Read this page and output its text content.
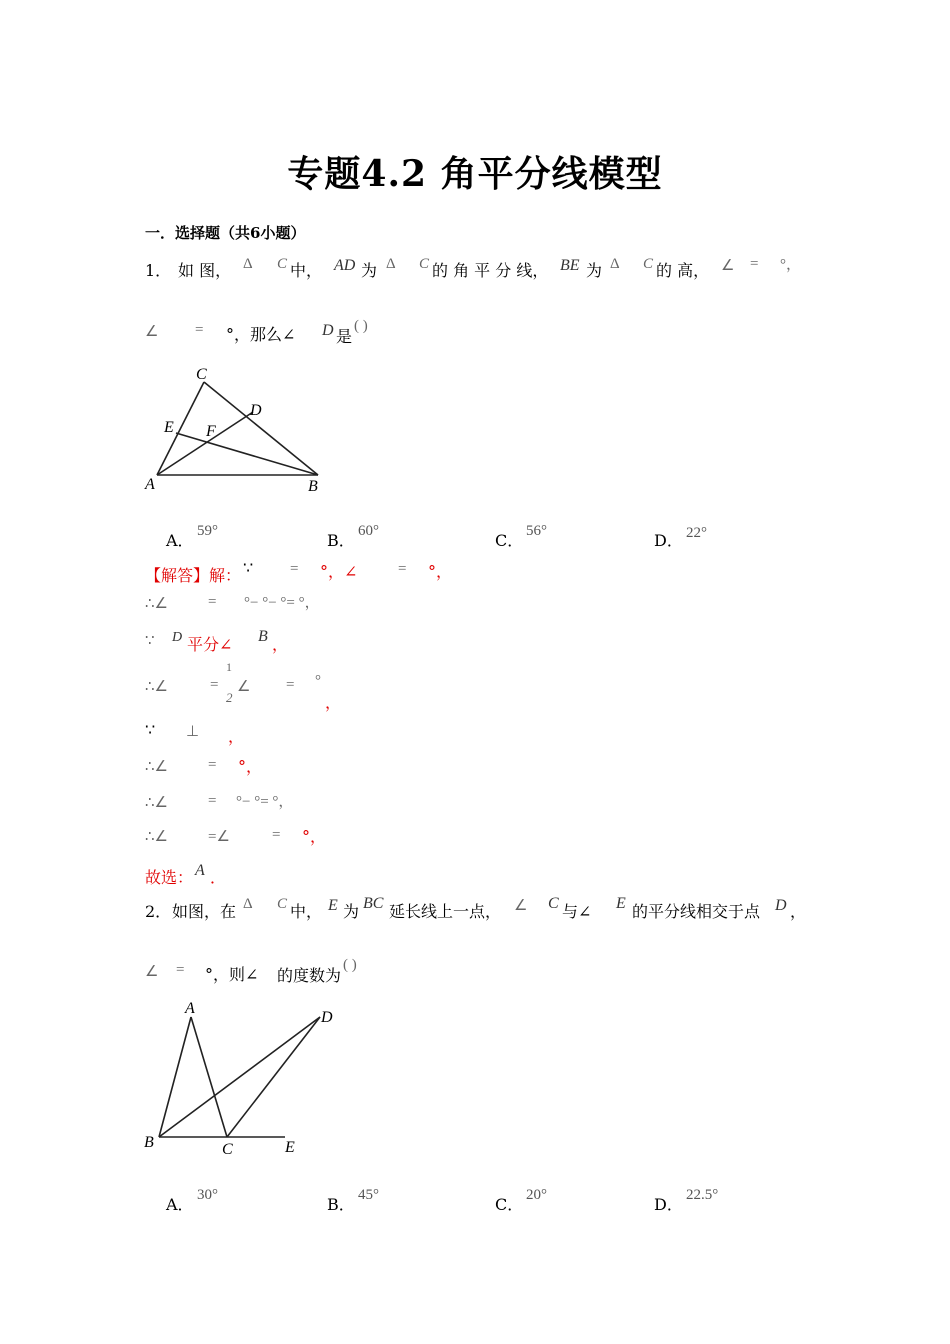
专题4.2 角平分线模型
一．选择题（共6小题）
1． 如 图， Δ C 中， AD 为 Δ C 的 角 平 分 线， BE 为 Δ C 的 高， ∠ = °，
∠ = °，那么∠ D 是
( )
C
D
E F
A	B
A． 59°	B． 60°	C． 56°	D． 22°
【解答】解： ∵ = °，∠	= °，
∴∠	= °− °− °= °，
∵ D 平分∠ B ，
∴∠	=
1
2
∠ = °
，
∵ ⊥ ，
∴∠	= °，
∴∠	= °− °= °，
∴∠	=∠	= °，
故选： A ．
2． 如图，在 Δ C 中， E 为 BC 延长线上一点， ∠ C 与∠ E 的平分线相交于点 D ，
∠ = °，则∠ 的度数为
( )
A
D
B	C	E
A． 30°	B． 45°	C． 20°	D． 22.5°
